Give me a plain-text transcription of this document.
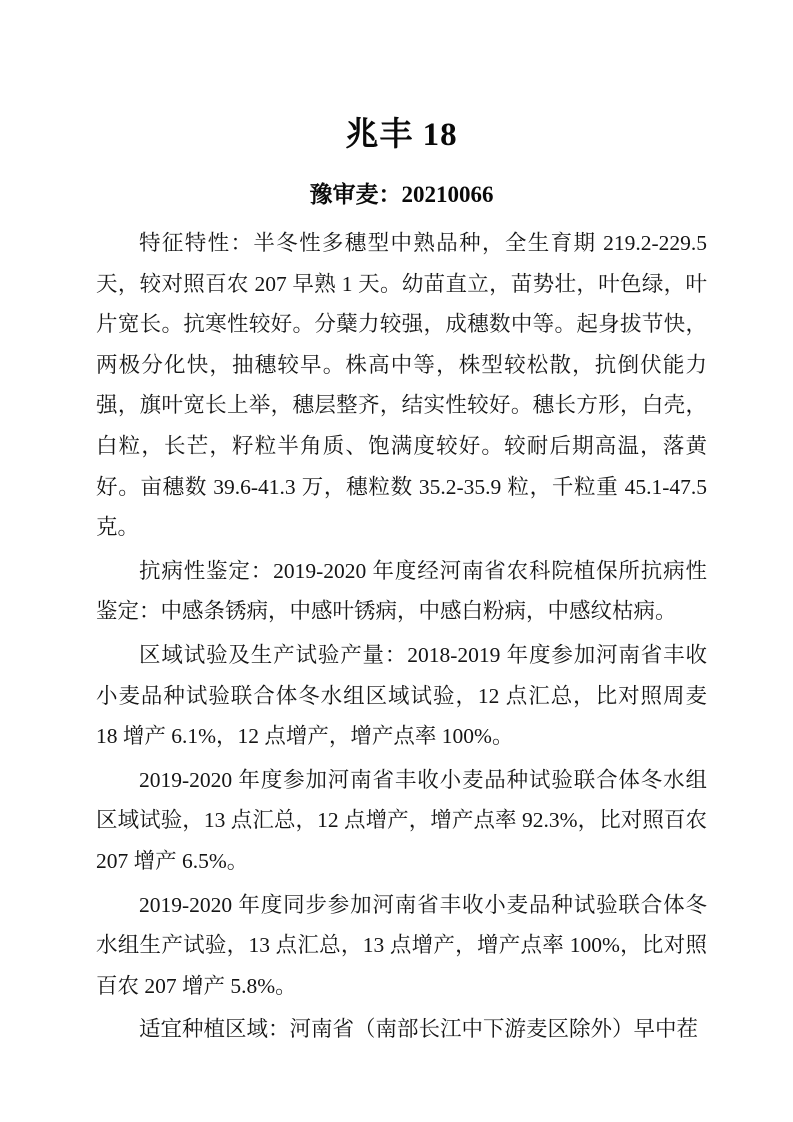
兆丰 18
豫审麦：20210066

特征特性：半冬性多穗型中熟品种，全生育期 219.2-229.5 天，较对照百农 207 早熟 1 天。幼苗直立，苗势壮，叶色绿，叶片宽长。抗寒性较好。分蘖力较强，成穗数中等。起身拔节快，两极分化快，抽穗较早。株高中等，株型较松散，抗倒伏能力强，旗叶宽长上举，穗层整齐，结实性较好。穗长方形，白壳，白粒，长芒，籽粒半角质、饱满度较好。较耐后期高温，落黄好。亩穗数 39.6-41.3 万，穗粒数 35.2-35.9 粒，千粒重 45.1-47.5 克。

抗病性鉴定：2019-2020 年度经河南省农科院植保所抗病性鉴定：中感条锈病，中感叶锈病，中感白粉病，中感纹枯病。

区域试验及生产试验产量：2018-2019 年度参加河南省丰收小麦品种试验联合体冬水组区域试验，12 点汇总，比对照周麦 18 增产 6.1%，12 点增产，增产点率 100%。

2019-2020 年度参加河南省丰收小麦品种试验联合体冬水组区域试验，13 点汇总，12 点增产，增产点率 92.3%，比对照百农 207 增产 6.5%。

2019-2020 年度同步参加河南省丰收小麦品种试验联合体冬水组生产试验，13 点汇总，13 点增产，增产点率 100%，比对照百农 207 增产 5.8%。

适宜种植区域：河南省（南部长江中下游麦区除外）早中茬
